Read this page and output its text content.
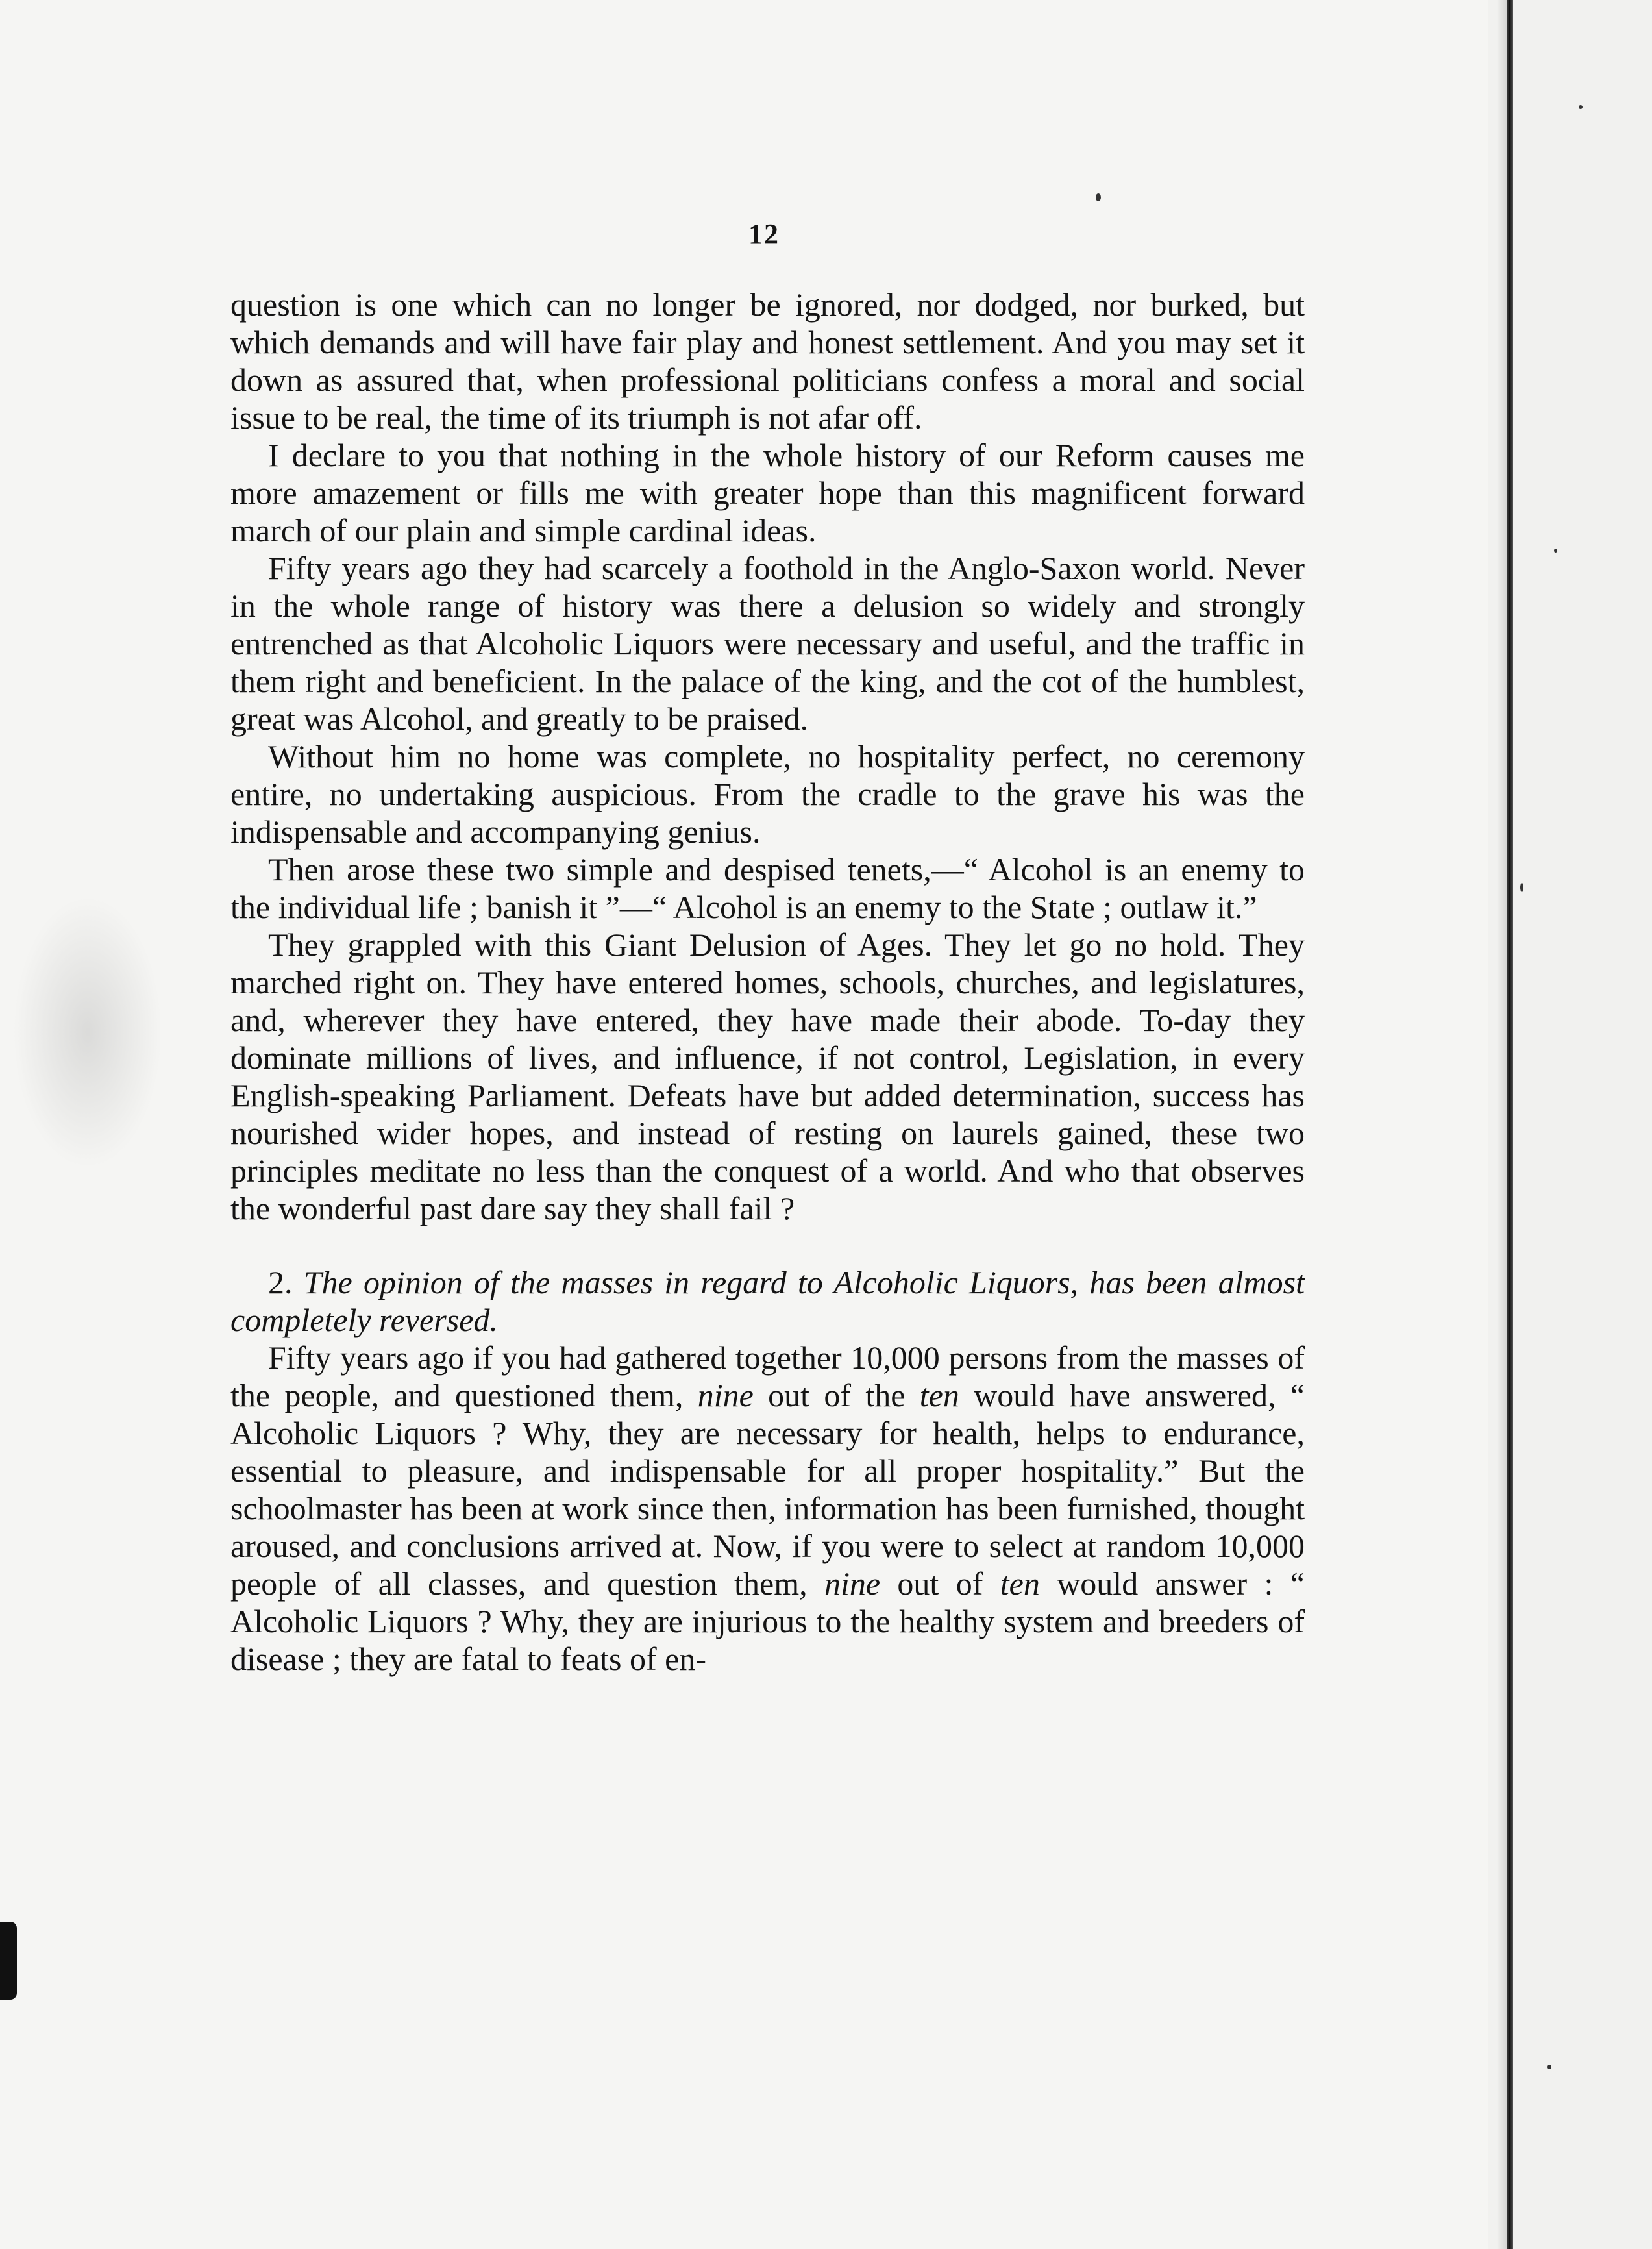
12

question is one which can no longer be ignored, nor dodged, nor burked, but which demands and will have fair play and honest settlement. And you may set it down as assured that, when professional politicians confess a moral and social issue to be real, the time of its triumph is not afar off.

I declare to you that nothing in the whole history of our Reform causes me more amazement or fills me with greater hope than this magnificent forward march of our plain and simple cardinal ideas.

Fifty years ago they had scarcely a foothold in the Anglo-Saxon world. Never in the whole range of history was there a delusion so widely and strongly entrenched as that Alcoholic Liquors were necessary and useful, and the traffic in them right and beneficient. In the palace of the king, and the cot of the humblest, great was Alcohol, and greatly to be praised.

Without him no home was complete, no hospitality perfect, no ceremony entire, no undertaking auspicious. From the cradle to the grave his was the indispensable and accompanying genius.

Then arose these two simple and despised tenets,—“ Alcohol is an enemy to the individual life ; banish it ”—“ Alcohol is an enemy to the State ; outlaw it.”

They grappled with this Giant Delusion of Ages. They let go no hold. They marched right on. They have entered homes, schools, churches, and legislatures, and, wherever they have entered, they have made their abode. To-day they dominate millions of lives, and influence, if not control, Legislation, in every English-speaking Parliament. Defeats have but added determination, success has nourished wider hopes, and instead of resting on laurels gained, these two principles meditate no less than the conquest of a world. And who that observes the wonderful past dare say they shall fail ?

2. The opinion of the masses in regard to Alcoholic Liquors, has been almost completely reversed.

Fifty years ago if you had gathered together 10,000 persons from the masses of the people, and questioned them, nine out of the ten would have answered, “ Alcoholic Liquors ? Why, they are necessary for health, helps to endurance, essential to pleasure, and indispensable for all proper hospitality.” But the schoolmaster has been at work since then, information has been furnished, thought aroused, and conclusions arrived at. Now, if you were to select at random 10,000 people of all classes, and question them, nine out of ten would answer : “ Alcoholic Liquors ? Why, they are injurious to the healthy system and breeders of disease ; they are fatal to feats of en-
